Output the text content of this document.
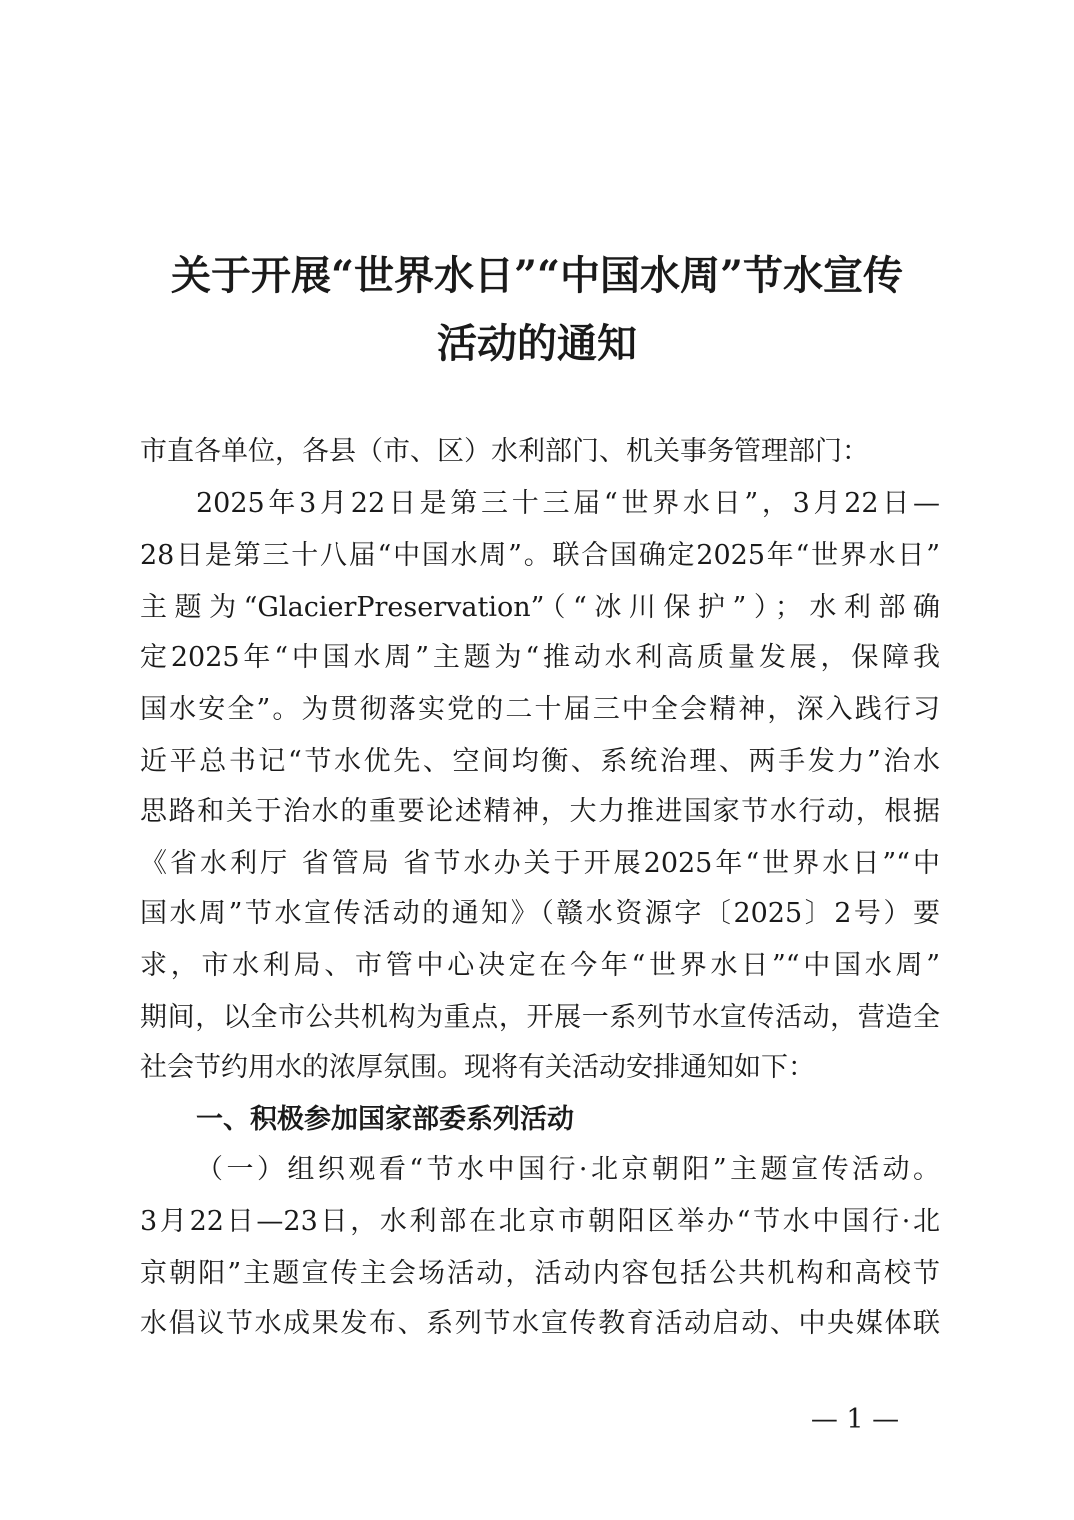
关于开展“世界水日”“中国水周”节水宣传
活动的通知
市直各单位，各县（市、区）水利部门、机关事务管理部门：
2025年3月22日是第三十三届“世界水日”，3月22日—
28日是第三十八届“中国水周”。联合国确定2025年“世界水日”
主题为“GlacierPreservation”（“冰川保护”）；水利部确
定2025年“中国水周”主题为“推动水利高质量发展，保障我
国水安全”。为贯彻落实党的二十届三中全会精神，深入践行习
近平总书记“节水优先、空间均衡、系统治理、两手发力”治水
思路和关于治水的重要论述精神，大力推进国家节水行动，根据
《省水利厅 省管局 省节水办关于开展2025年“世界水日”“中
国水周”节水宣传活动的通知》（赣水资源字〔2025〕2号）要
求，市水利局、市管中心决定在今年“世界水日”“中国水周”
期间，以全市公共机构为重点，开展一系列节水宣传活动，营造全
社会节约用水的浓厚氛围。现将有关活动安排通知如下：
一、积极参加国家部委系列活动
（一）组织观看“节水中国行·北京朝阳”主题宣传活动。
3月22日—23日，水利部在北京市朝阳区举办“节水中国行·北
京朝阳”主题宣传主会场活动，活动内容包括公共机构和高校节
水倡议节水成果发布、系列节水宣传教育活动启动、中央媒体联
— 1 —
